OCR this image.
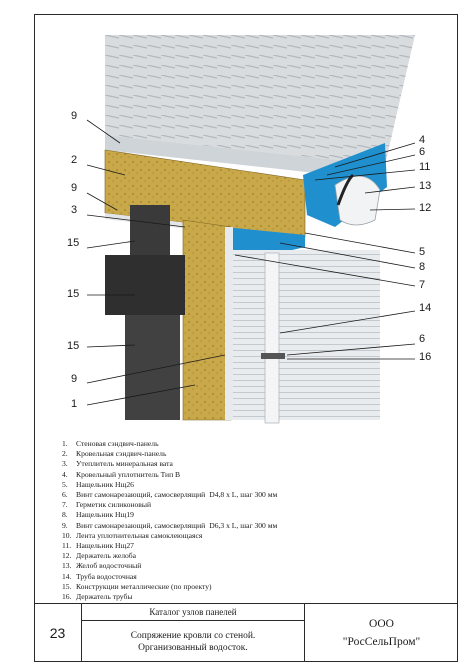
9
2
9
3
15
15
15
9
1
4
6
11
13
12
5
8
7
14
6
16
1. Стеновая сэндвич-панель
2. Кровельная сэндвич-панель
3. Утеплитель минеральная вата
4. Кровельный уплотнитель Тип В
5. Нащельник Нщ26
6. Винт самонарезающий, самосверлящий D4,8 x L, шаг 300 мм
7. Герметик силиконовый
8. Нащельник Нщ19
9. Винт самонарезающий, самосверлящий D6,3 x L, шаг 300 мм
10. Лента уплотнительная самоклеющаяся
11. Нащельник Нщ27
12. Держатель желоба
13. Желоб водосточный
14. Труба водосточная
15. Конструкции металлические (по проекту)
16. Держатель трубы
23
Каталог узлов панелей
Сопряжение кровли со стеной.
Организованный водосток.
ООО
"РосСельПром"
